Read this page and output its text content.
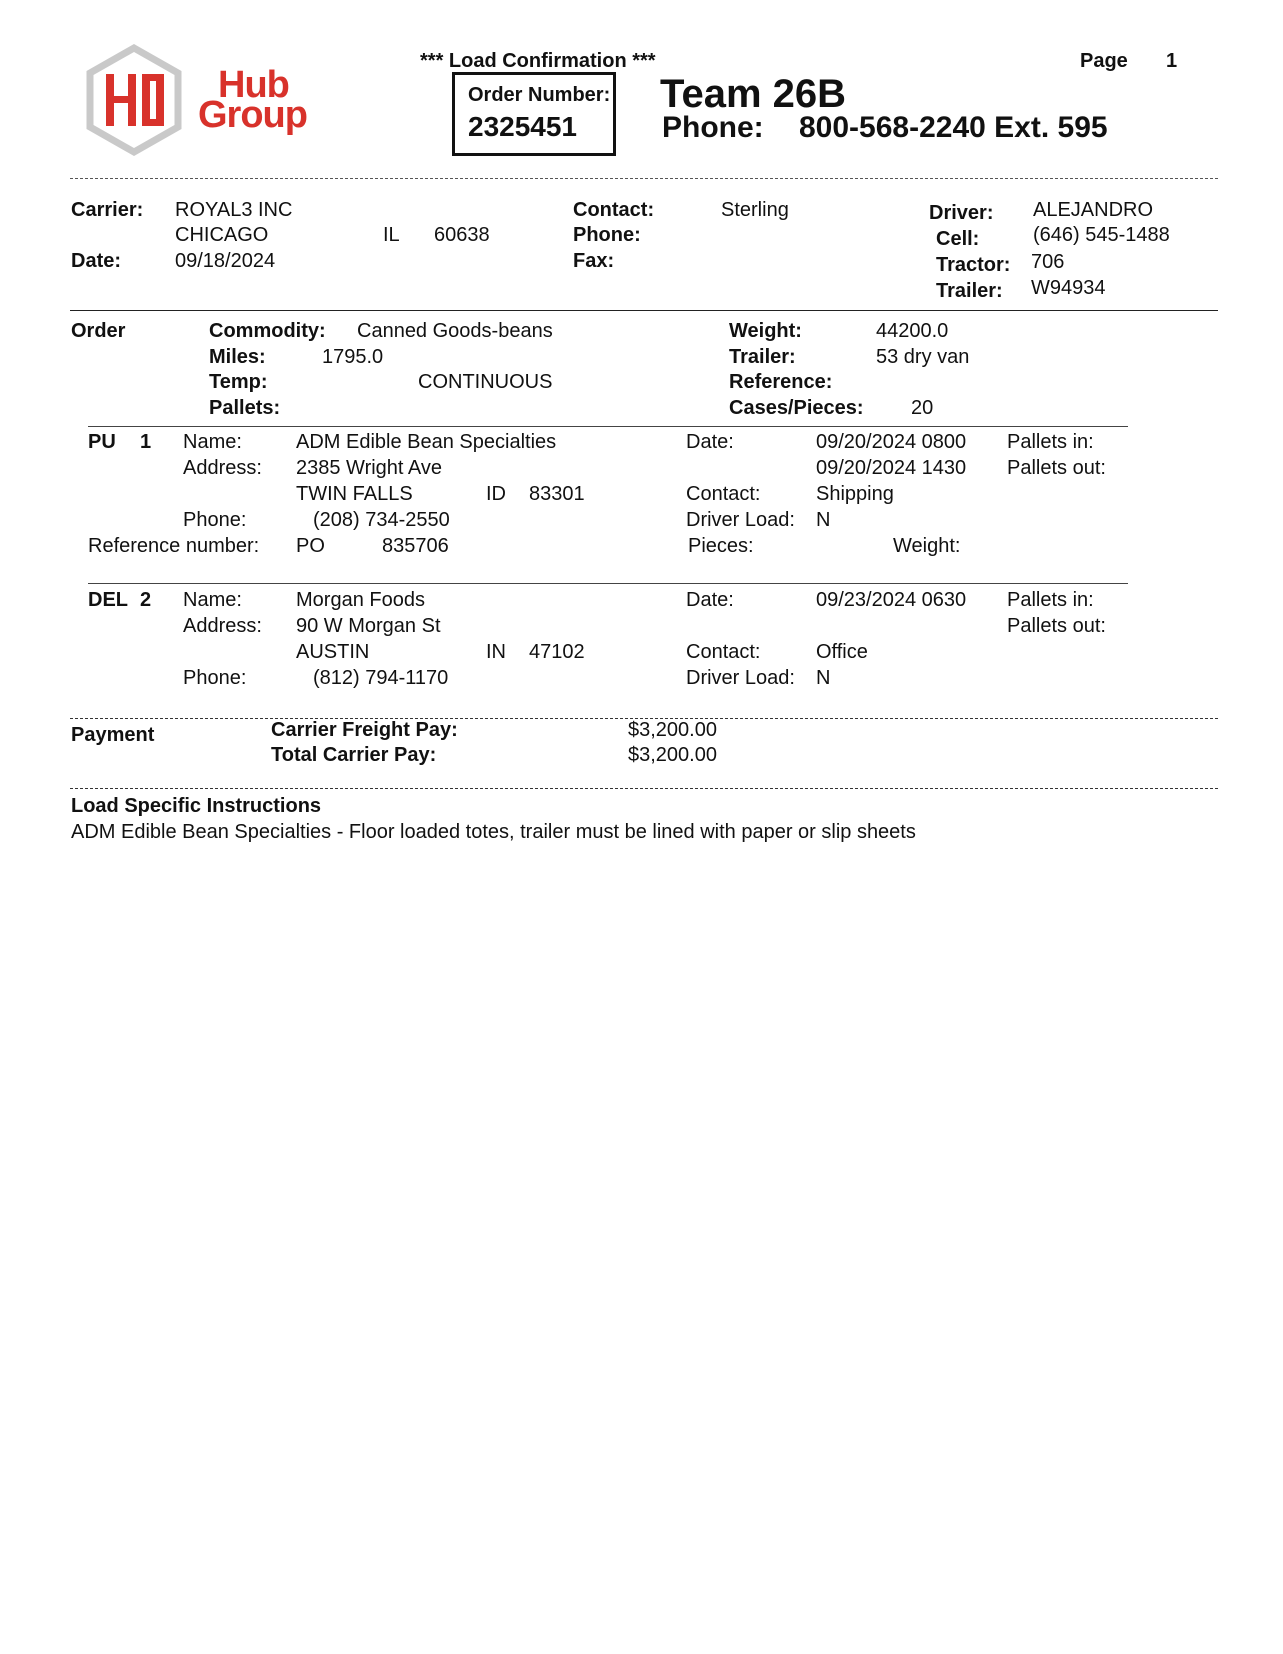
Hub
Group
*** Load Confirmation ***	Page 1
Order Number:
2325451
Team 26B
Phone: 800-568-2240 Ext. 595
Carrier: ROYAL3 INC
CHICAGO	IL 60638
Date:	09/18/2024
Contact:	Sterling
Phone:
Fax:
Driver: ALEJANDRO
Cell:	(646) 545-1488
Tractor: 706
Trailer: W94934
Order	Commodity: Canned Goods-beans
Miles:	1795.0
Temp:	CONTINUOUS
Pallets:
Weight:	44200.0
Trailer:	53 dry van
Reference:
Cases/Pieces: 20
PU 1 Name:	ADM Edible Bean Specialties
Address: 2385 Wright Ave
TWIN FALLS	ID 83301
Phone:	(208) 734-2550
Reference number: PO	835706
Date:	09/20/2024 0800
09/20/2024 1430
Contact:	Shipping
Driver Load: N
Pieces:	Weight:
Pallets in:
Pallets out:
DEL 2 Name:	Morgan Foods
Address: 90 W Morgan St
AUSTIN	IN 47102
Phone:	(812) 794-1170
Date:	09/23/2024 0630
Contact:	Office
Driver Load: N
Pallets in:
Pallets out:
Payment	Carrier Freight Pay:	$3,200.00
Total Carrier Pay:	$3,200.00
Load Specific Instructions
ADM Edible Bean Specialties - Floor loaded totes, trailer must be lined with paper or slip sheets
